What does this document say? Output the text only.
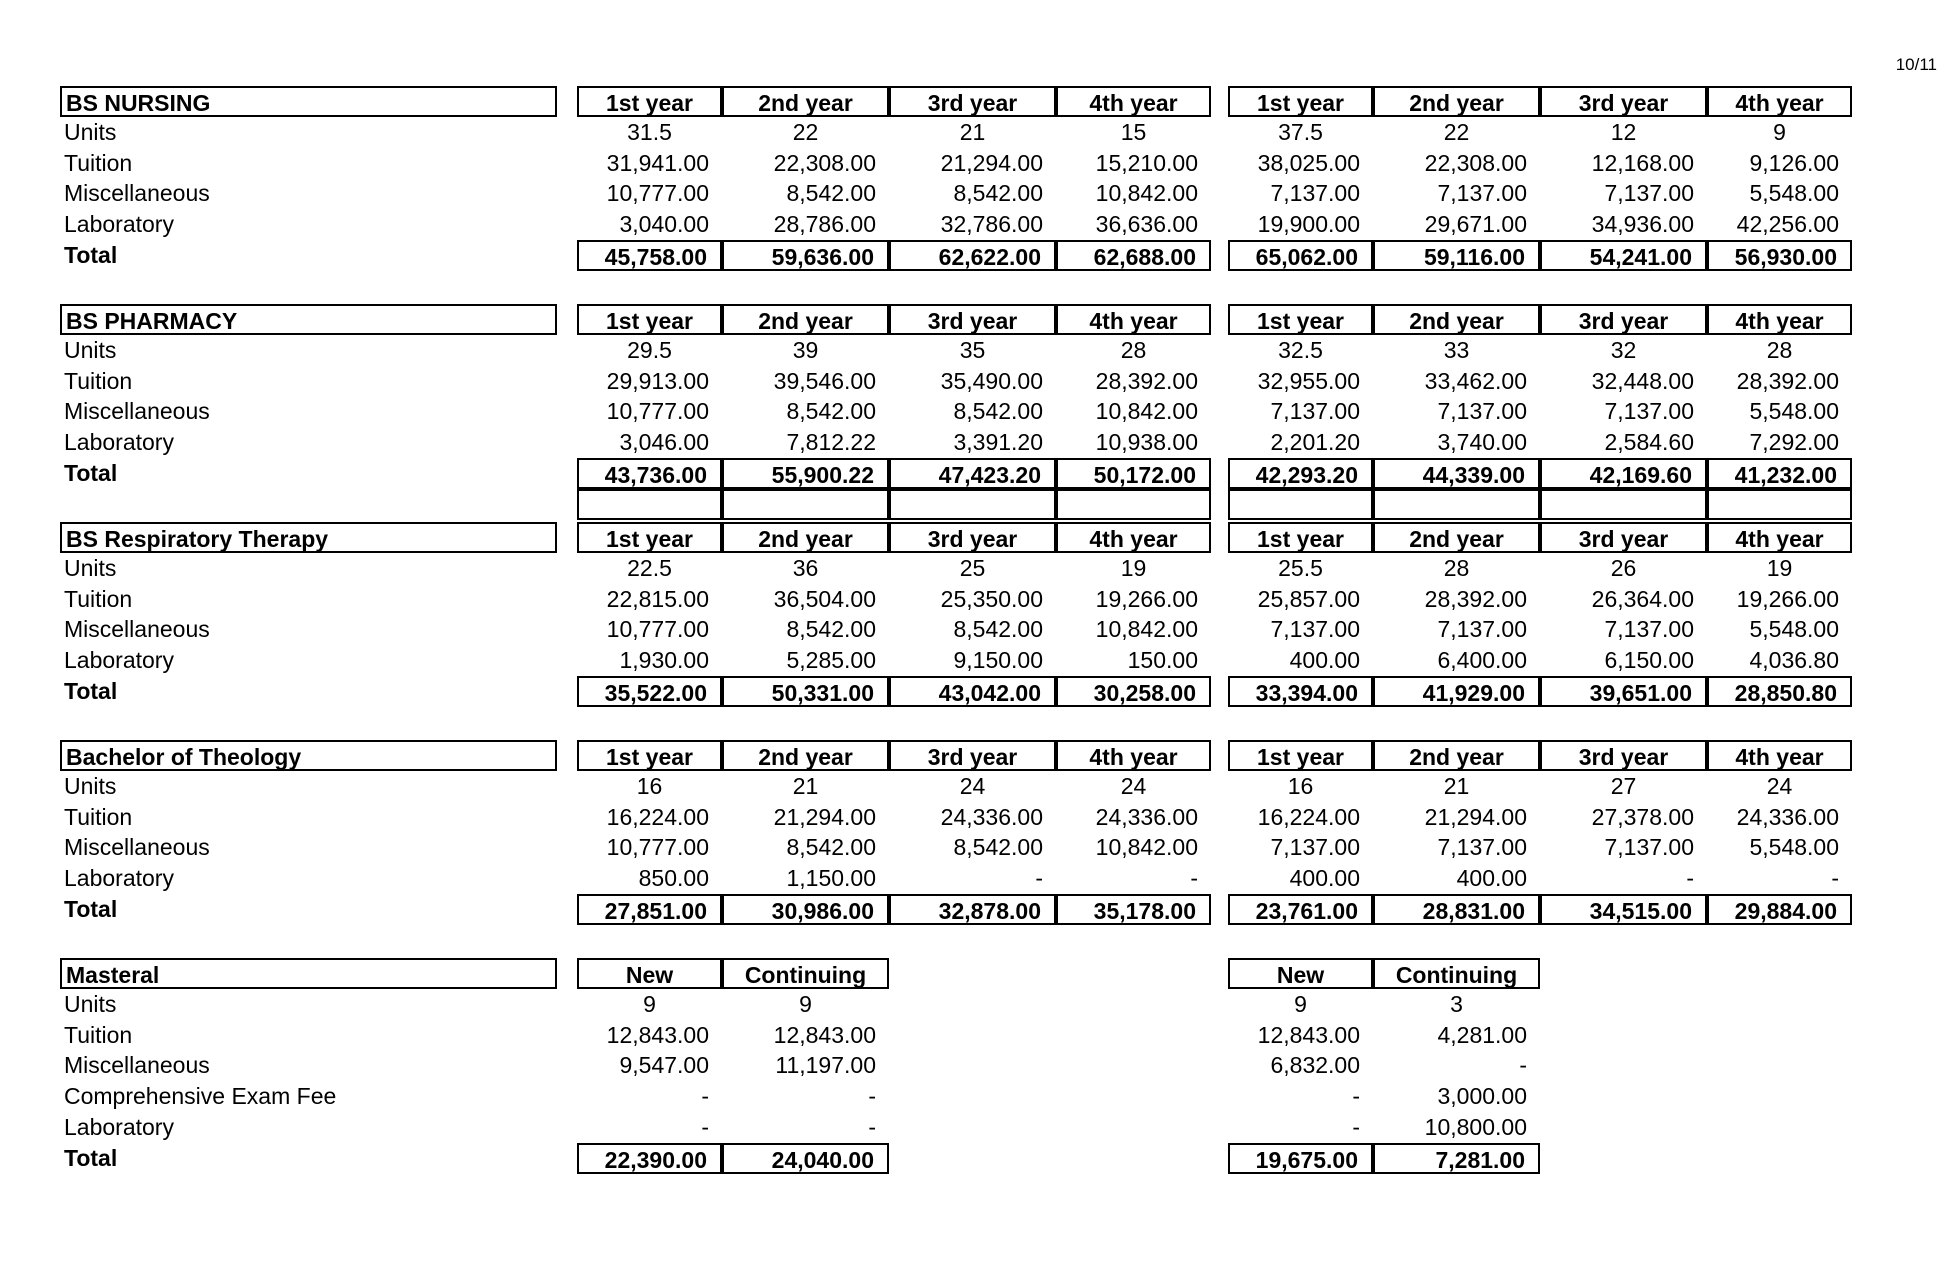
10/11
BS NURSING	1st year	2nd year	3rd year	4th year	1st year	2nd year	3rd year	4th year
Units	31.5	22	21	15	37.5	22	12	9
Tuition	31,941.00	22,308.00	21,294.00	15,210.00	38,025.00	22,308.00	12,168.00	9,126.00
Miscellaneous	10,777.00	8,542.00	8,542.00	10,842.00	7,137.00	7,137.00	7,137.00	5,548.00
Laboratory	3,040.00	28,786.00	32,786.00	36,636.00	19,900.00	29,671.00	34,936.00	42,256.00
Total	45,758.00	59,636.00	62,622.00	62,688.00	65,062.00	59,116.00	54,241.00	56,930.00
BS PHARMACY	1st year	2nd year	3rd year	4th year	1st year	2nd year	3rd year	4th year
Units	29.5	39	35	28	32.5	33	32	28
Tuition	29,913.00	39,546.00	35,490.00	28,392.00	32,955.00	33,462.00	32,448.00	28,392.00
Miscellaneous	10,777.00	8,542.00	8,542.00	10,842.00	7,137.00	7,137.00	7,137.00	5,548.00
Laboratory	3,046.00	7,812.22	3,391.20	10,938.00	2,201.20	3,740.00	2,584.60	7,292.00
Total	43,736.00	55,900.22	47,423.20	50,172.00	42,293.20	44,339.00	42,169.60	41,232.00
BS Respiratory Therapy	1st year	2nd year	3rd year	4th year	1st year	2nd year	3rd year	4th year
Units	22.5	36	25	19	25.5	28	26	19
Tuition	22,815.00	36,504.00	25,350.00	19,266.00	25,857.00	28,392.00	26,364.00	19,266.00
Miscellaneous	10,777.00	8,542.00	8,542.00	10,842.00	7,137.00	7,137.00	7,137.00	5,548.00
Laboratory	1,930.00	5,285.00	9,150.00	150.00	400.00	6,400.00	6,150.00	4,036.80
Total	35,522.00	50,331.00	43,042.00	30,258.00	33,394.00	41,929.00	39,651.00	28,850.80
Bachelor of Theology	1st year	2nd year	3rd year	4th year	1st year	2nd year	3rd year	4th year
Units	16	21	24	24	16	21	27	24
Tuition	16,224.00	21,294.00	24,336.00	24,336.00	16,224.00	21,294.00	27,378.00	24,336.00
Miscellaneous	10,777.00	8,542.00	8,542.00	10,842.00	7,137.00	7,137.00	7,137.00	5,548.00
Laboratory	850.00	1,150.00	-	-	400.00	400.00	-	-
Total	27,851.00	30,986.00	32,878.00	35,178.00	23,761.00	28,831.00	34,515.00	29,884.00
Masteral	New	Continuing	New	Continuing
Units	9	9	9	3
Tuition	12,843.00	12,843.00	12,843.00	4,281.00
Miscellaneous	9,547.00	11,197.00	6,832.00	-
Comprehensive Exam Fee	-	-	-	3,000.00
Laboratory	-	-	-	10,800.00
Total	22,390.00	24,040.00	19,675.00	7,281.00
